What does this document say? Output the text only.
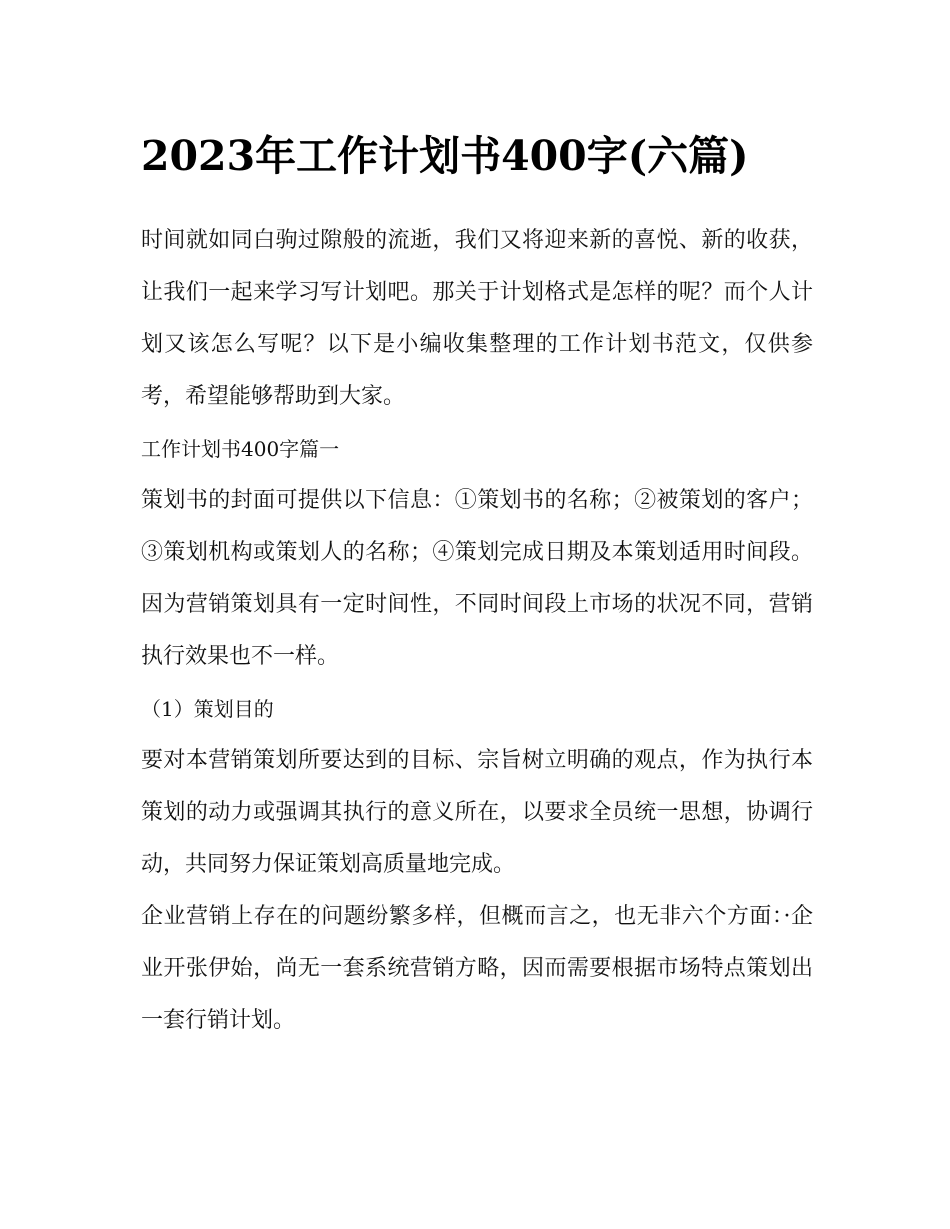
2023年工作计划书400字(六篇)

时间就如同白驹过隙般的流逝，我们又将迎来新的喜悦、新的收获，让我们一起来学习写计划吧。那关于计划格式是怎样的呢？而个人计划又该怎么写呢？以下是小编收集整理的工作计划书范文，仅供参考，希望能够帮助到大家。

工作计划书400字篇一

策划书的封面可提供以下信息：①策划书的名称；②被策划的客户；③策划机构或策划人的名称；④策划完成日期及本策划适用时间段。因为营销策划具有一定时间性，不同时间段上市场的状况不同，营销执行效果也不一样。

（1）策划目的

要对本营销策划所要达到的目标、宗旨树立明确的观点，作为执行本策划的动力或强调其执行的意义所在，以要求全员统一思想，协调行动，共同努力保证策划高质量地完成。

企业营销上存在的问题纷繁多样，但概而言之，也无非六个方面：·企业开张伊始，尚无一套系统营销方略，因而需要根据市场特点策划出一套行销计划。
